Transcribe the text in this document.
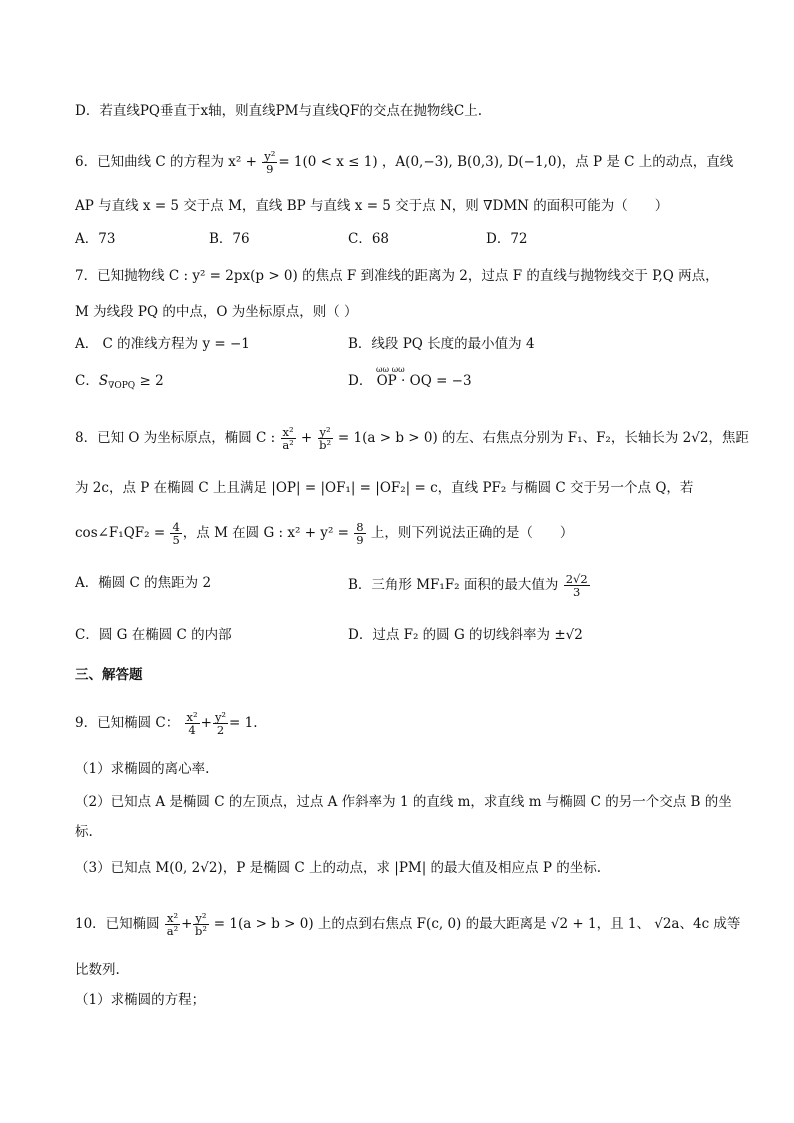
D．若直线PQ垂直于x轴，则直线PM与直线QF的交点在抛物线C上.
6．已知曲线 C 的方程为 $x^2 + \frac{\text{y²}}{9} = 1(0 < x \le 1)$ ，A(0,−3), B(0,3), D(−1,0)，点 P 是 C 上的动点，直线
AP 与直线 x = 5 交于点 M，直线 BP 与直线 x = 5 交于点 N，则 ∇DMN 的面积可能为（　　）
A．73	B．76	C．68	D．72
7．已知抛物线 C : y² = 2px(p > 0) 的焦点 F 到准线的距离为 2，过点 F 的直线与抛物线交于 P,Q 两点，
M 为线段 PQ 的中点，O 为坐标原点，则（ ）
A． C 的准线方程为 y = −1	B．线段 PQ 长度的最小值为 4
C．$S_{\nabla OPQ} \ge 2$
ωω ωω
D． OP · OQ = −3
8．已知 O 为坐标原点，椭圆 C : $\frac{\text{x²}}{\text{a²}} + \frac{\text{y²}}{\text{b²}} = 1(a > b > 0)$ 的左、右焦点分别为 F₁、F₂，长轴长为 2√2，焦距
为 2c，点 P 在椭圆 C 上且满足 |OP| = |OF₁| = |OF₂| = c，直线 PF₂ 与椭圆 C 交于另一个点 Q，若
cos∠F₁QF₂ = $\frac{4}{5}$ ，点 M 在圆 G : $x^2 + y^2 = \frac{8}{9}$ 上，则下列说法正确的是（　　）
A．椭圆 C 的焦距为 2	B．三角形 MF₁F₂ 面积的最大值为 $\frac{2√2}{3}$
C．圆 G 在椭圆 C 的内部	D．过点 F₂ 的圆 G 的切线斜率为 ±√2
三、解答题
9．已知椭圆 C： $\frac{\text{x²}}{4} + \frac{\text{y²}}{2} = 1$.
（1）求椭圆的离心率.
（2）已知点 A 是椭圆 C 的左顶点，过点 A 作斜率为 1 的直线 m，求直线 m 与椭圆 C 的另一个交点 B 的坐
标.
（3）已知点 M(0, 2√2)，P 是椭圆 C 上的动点，求 |PM| 的最大值及相应点 P 的坐标.
10．已知椭圆 $\frac{\text{x²}}{\text{a²}} + \frac{\text{y²}}{\text{b²}} = 1(a > b > 0)$ 上的点到右焦点 F(c, 0) 的最大距离是 √2 + 1，且 1、 √2a、4c 成等
比数列.
（1）求椭圆的方程；
